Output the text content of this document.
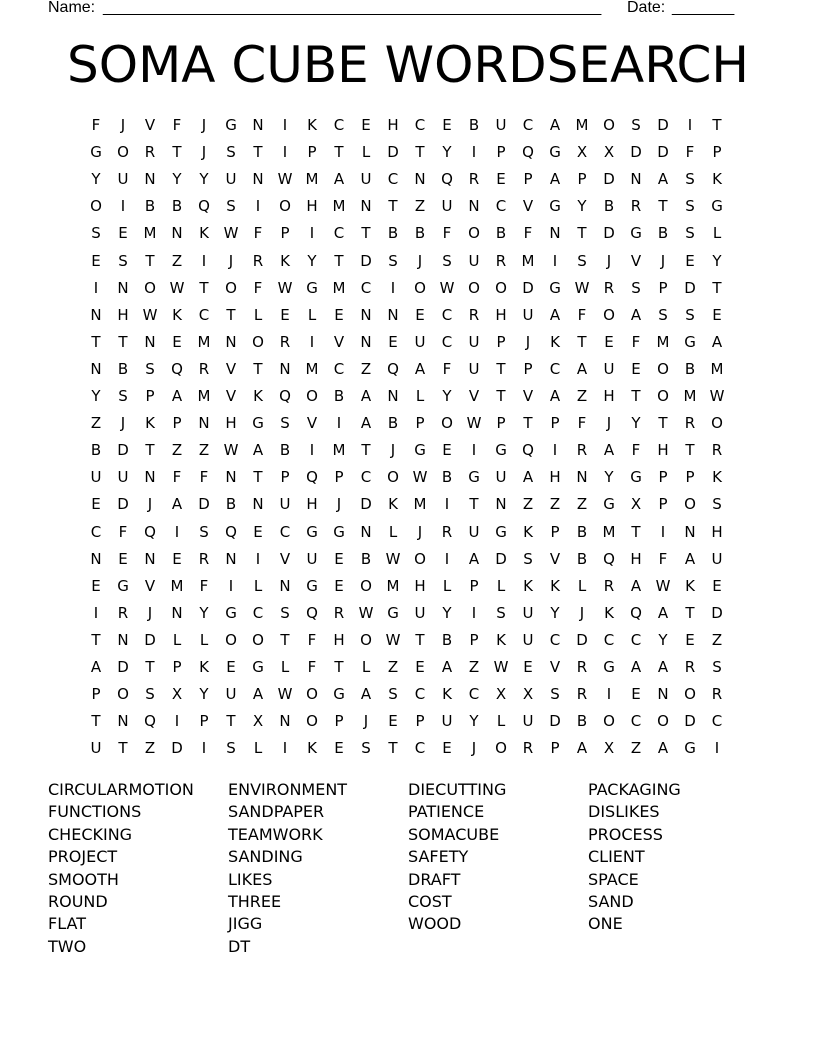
Name: ________________________________________________________ Date: _______
SOMA CUBE WORDSEARCH
F	J	V	F	J	G	N	I	K	C	E	H	C	E	B	U	C	A	M O	S	D	I	T
G	O	R	T	J	S	T	I	P	T	L	D	T	Y	I	P	Q	G	X	X	D	D	F	P
Y	U	N	Y	Y	U	N W M	A	U	C	N	Q	R	E	P	A	P	D	N	A	S	K
O	I	B	B	Q	S	I	O	H M N	T	Z	U	N	C	V	G	Y	B	R	T	S	G
S	E	M N	K W	F	P	I	C	T	B	B	F	O	B	F	N	T	D	G	B	S	L
E	S	T	Z	I	J	R	K	Y	T	D	S	J	S	U	R	M	I	S	J	V	J	E	Y
I	N	O W T	O	F	W G M	C	I	O W O	O	D	G W R	S	P	D	T
N	H W K	C	T	L	E	L	E	N	N	E	C	R	H	U	A	F	O	A	S	S	E
T	T	N	E	M N	O	R	I	V	N	E	U	C	U	P	J	K	T	E	F	M G	A
N	B	S	Q	R	V	T	N M	C	Z	Q	A	F	U	T	P	C	A	U	E	O	B	M
Y	S	P	A	M	V	K	Q	O	B	A	N	L	Y	V	T	V	A	Z	H	T	O M W
Z	J	K	P	N	H	G	S	V	I	A	B	P	O W	P	T	P	F	J	Y	T	R	O
B	D	T	Z	Z W A	B	I	M	T	J	G	E	I	G	Q	I	R	A	F	H	T	R
U	U	N	F	F	N	T	P	Q	P	C	O W B	G	U	A	H	N	Y	G	P	P	K
E	D	J	A	D	B	N	U	H	J	D	K	M	I	T	N	Z	Z	Z	G	X	P	O	S
C	F	Q	I	S	Q	E	C	G	G	N	L	J	R	U	G	K	P	B	M	T	I	N	H
N	E	N	E	R	N	I	V	U	E	B W O	I	A	D	S	V	B	Q	H	F	A	U
E	G	V	M	F	I	L	N	G	E	O M H	L	P	L	K	K	L	R	A W K	E
I	R	J	N	Y	G	C	S	Q	R W G	U	Y	I	S	U	Y	J	K	Q	A	T	D
T	N	D	L	L	O	O	T	F	H	O W T	B	P	K	U	C	D	C	C	Y	E	Z
A	D	T	P	K	E	G	L	F	T	L	Z	E	A	Z W E	V	R	G	A	A	R	S
P	O	S	X	Y	U	A W O	G	A	S	C	K	C	X	X	S	R	I	E	N	O	R
T	N	Q	I	P	T	X	N	O	P	J	E	P	U	Y	L	U	D	B	O	C	O	D	C
U	T	Z	D	I	S	L	I	K	E	S	T	C	E	J	O	R	P	A	X	Z	A	G	I
CIRCULARMOTION
FUNCTIONS
CHECKING
PROJECT
SMOOTH
ROUND
FLAT
TWO
ENVIRONMENT
SANDPAPER
TEAMWORK
SANDING
LIKES
THREE
JIGG
DT
DIECUTTING
PATIENCE
SOMACUBE
SAFETY
DRAFT
COST
WOOD
PACKAGING
DISLIKES
PROCESS
CLIENT
SPACE
SAND
ONE
